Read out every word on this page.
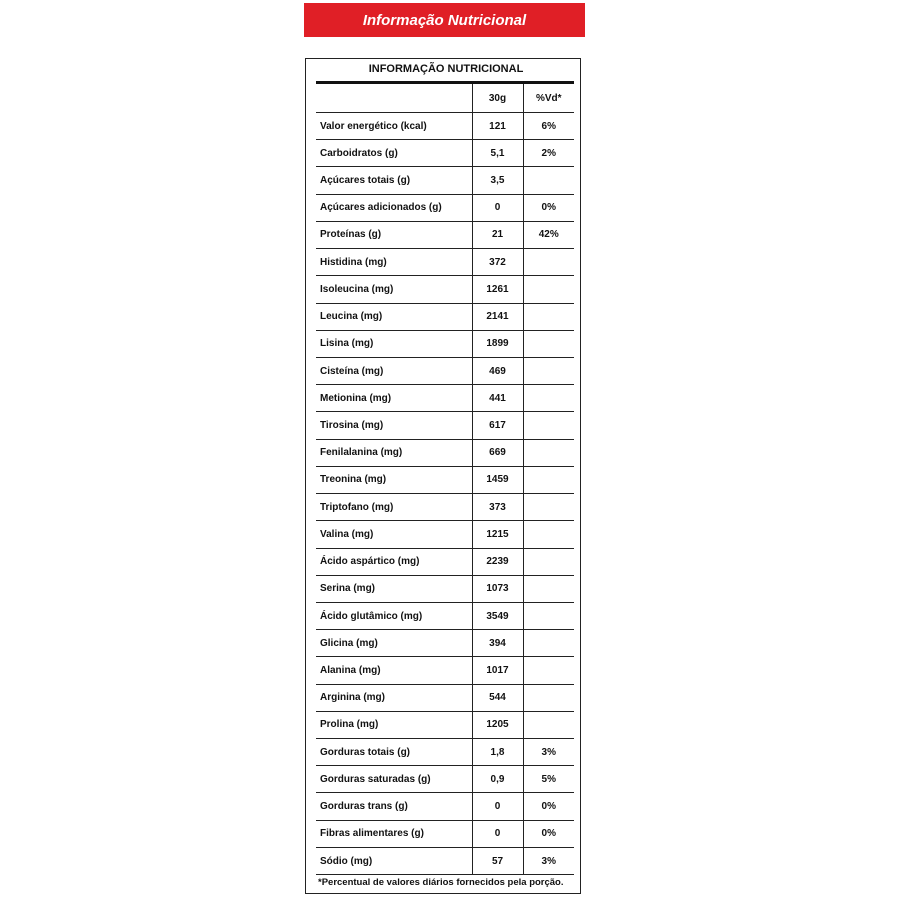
Informação Nutricional
INFORMAÇÃO NUTRICIONAL
	30g	%Vd*
Valor energético (kcal)	121	6%
Carboidratos (g)	5,1	2%
Açúcares totais (g)	3,5	
Açúcares adicionados (g)	0	0%
Proteínas (g)	21	42%
Histidina (mg)	372	
Isoleucina (mg)	1261	
Leucina (mg)	2141	
Lisina (mg)	1899	
Cisteína (mg)	469	
Metionina (mg)	441	
Tirosina (mg)	617	
Fenilalanina (mg)	669	
Treonina (mg)	1459	
Triptofano (mg)	373	
Valina (mg)	1215	
Ácido aspártico (mg)	2239	
Serina (mg)	1073	
Ácido glutâmico (mg)	3549	
Glicina (mg)	394	
Alanina (mg)	1017	
Arginina (mg)	544	
Prolina (mg)	1205	
Gorduras totais (g)	1,8	3%
Gorduras saturadas (g)	0,9	5%
Gorduras trans (g)	0	0%
Fibras alimentares (g)	0	0%
Sódio (mg)	57	3%
*Percentual de valores diários fornecidos pela porção.
